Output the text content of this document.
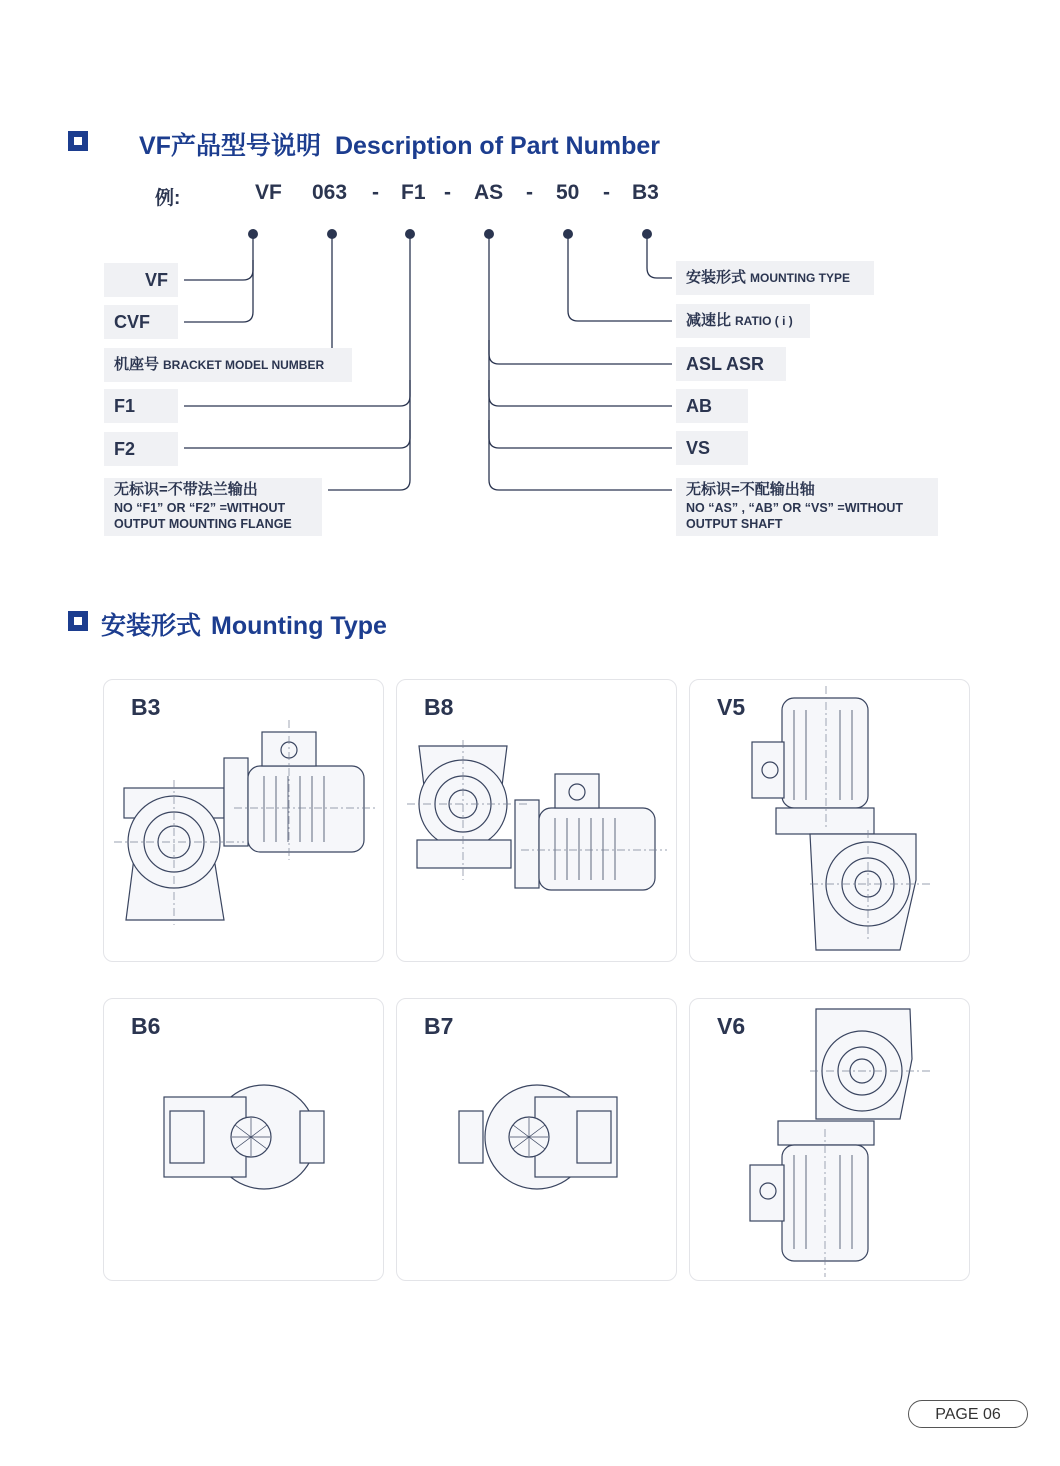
VF产品型号说明 Description of Part Number
例:	VF 063 - F1 - AS - 50 - B3
VF
CVF
机座号 BRACKET MODEL NUMBER
F1
F2
无标识=不带法兰输出
NO “F1” OR “F2” =WITHOUT
OUTPUT MOUNTING FLANGE
安装形式 MOUNTING TYPE
减速比 RATIO ( i )
ASL ASR
AB
VS
无标识=不配输出轴
NO “AS” , “AB” OR “VS” =WITHOUT
OUTPUT SHAFT
安装形式 Mounting Type
B3	B8	V5
B6	B7	V6
PAGE 06
